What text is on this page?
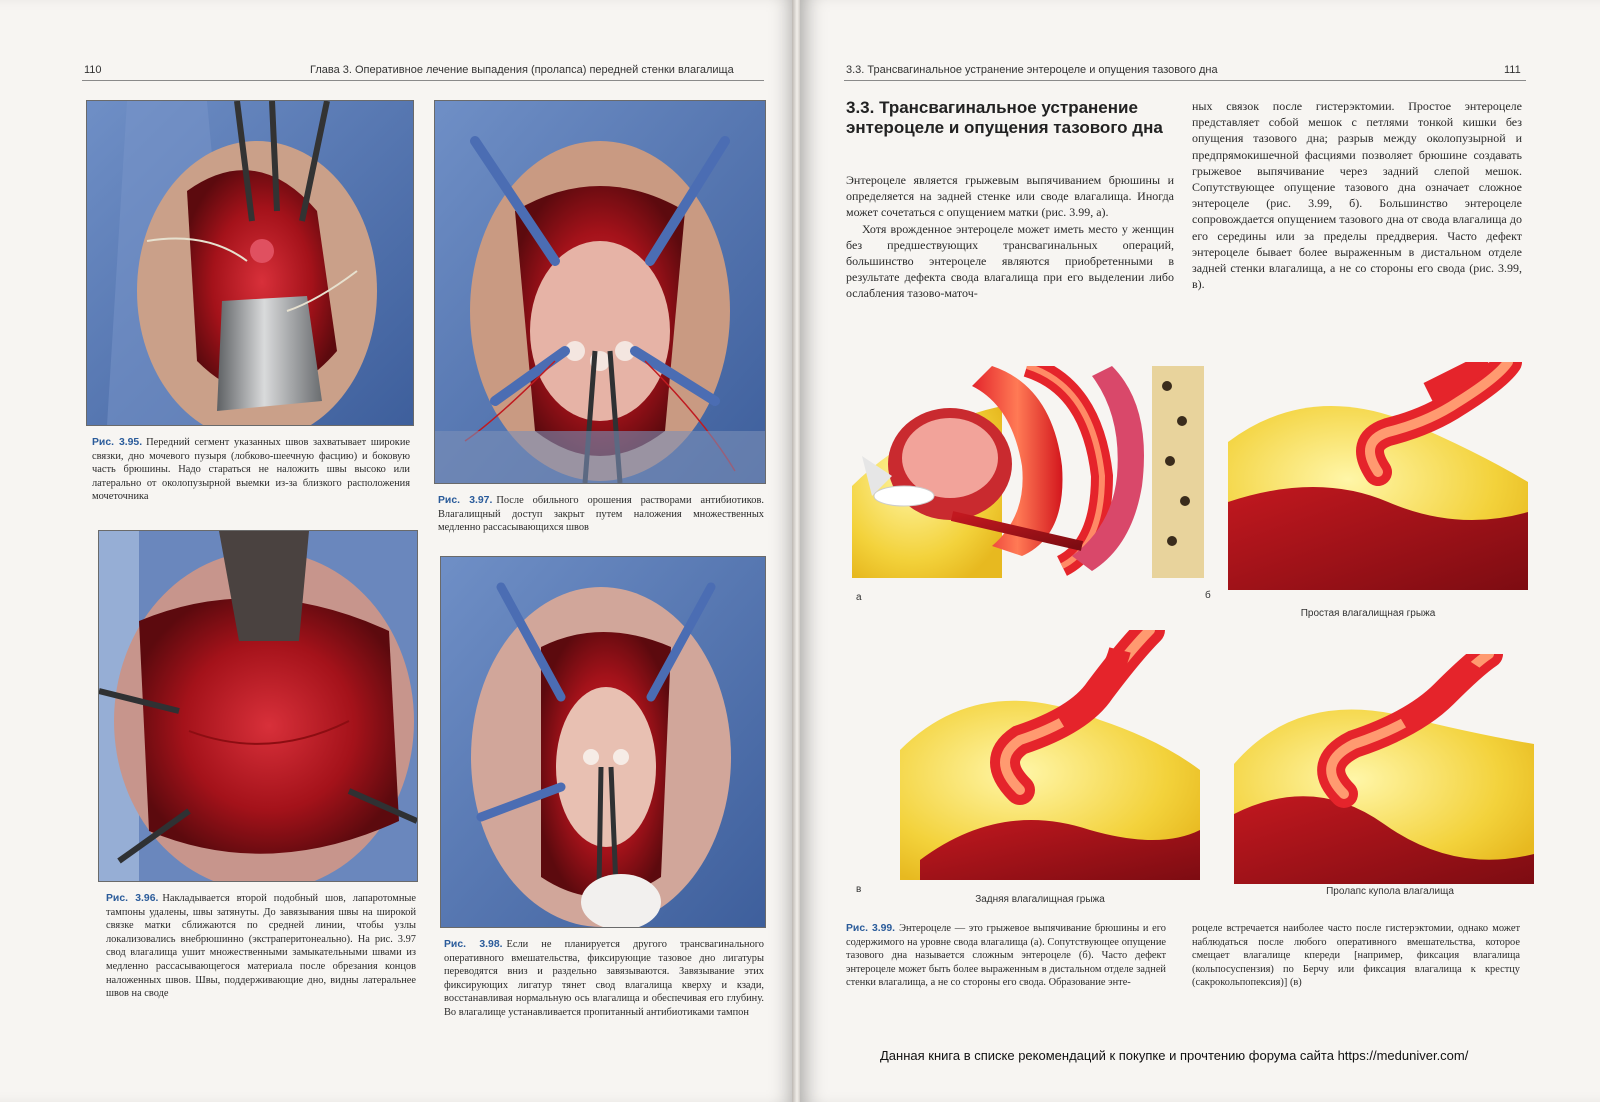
110	Глава 3. Оперативное лечение выпадения (пролапса) передней стенки влагалища
Рис. 3.95. Передний сегмент указанных швов захватывает широкие связки, дно мочевого пузыря (лобково-шеечную фасцию) и боковую часть брюшины. Надо стараться не наложить швы высоко или латерально от околопузырной выемки из-за близкого расположения мочеточника	Рис. 3.97. После обильного орошения растворами антибиотиков. Влагалищный доступ закрыт путем наложения множественных медленно рассасывающихся швов
Рис. 3.96. Накладывается второй подобный шов, лапаротомные тампоны удалены, швы затянуты. До завязывания швы на широкой связке матки сближаются по средней линии, чтобы узлы локализовались внебрюшинно (экстраперитонеально). На рис. 3.97 свод влагалища ушит множественными замыкательными швами из медленно рассасывающегося материала после обрезания концов наложенных швов. Швы, поддерживающие дно, видны латеральнее швов на своде
Рис. 3.98. Если не планируется другого трансвагинального оперативного вмешательства, фиксирующие тазовое дно лигатуры переводятся вниз и раздельно завязываются. Завязывание этих фиксирующих лигатур тянет свод влагалища кверху и кзади, восстанавливая нормальную ось влагалища и обеспечивая его глубину. Во влагалище устанавливается пропитанный антибиотиками тампон
3.3. Трансвагинальное устранение энтероцеле и опущения тазового дна	111
3.3. Трансвагинальное устранение энтероцеле и опущения тазового дна

Энтероцеле является грыжевым выпячиванием брюшины и определяется на задней стенке или своде влагалища. Иногда может сочетаться с опущением матки (рис. 3.99, а).

Хотя врожденное энтероцеле может иметь место у женщин без предшествующих трансвагинальных операций, большинство энтероцеле являются приобретенными в результате дефекта свода влагалища при его выделении либо ослабления тазово-маточ-

ных связок после гистерэктомии. Простое энтероцеле представляет собой мешок с петлями тонкой кишки без опущения тазового дна; разрыв между околопузырной и предпрямокишечной фасциями позволяет брюшине создавать грыжевое выпячивание через задний слепой мешок. Сопутствующее опущение тазового дна означает сложное энтероцеле (рис. 3.99, б). Большинство энтероцеле сопровождается опущением тазового дна от свода влагалища до его середины или за пределы преддверия. Часто дефект энтероцеле бывает более выраженным в дистальном отделе задней стенки влагалища, а не со стороны его свода (рис. 3.99, в).

а	б
Простая влагалищная грыжа
в
Задняя влагалищная грыжа
Пролапс купола влагалища
Рис. 3.99. Энтероцеле — это грыжевое выпячивание брюшины и его содержимого на уровне свода влагалища (а). Сопутствующее опущение тазового дна называется сложным энтероцеле (б). Часто дефект энтероцеле может быть более выраженным в дистальном отделе задней стенки влагалища, а не со стороны его свода. Образование энте-
роцеле встречается наиболее часто после гистерэктомии, однако может наблюдаться после любого оперативного вмешательства, которое смещает влагалище кпереди [например, фиксация влагалища (кольпосуспензия) по Берчу или фиксация влагалища к крестцу (сакрокольпопексия)] (в)
Данная книга в списке рекомендаций к покупке и прочтению форума сайта https://meduniver.com/
